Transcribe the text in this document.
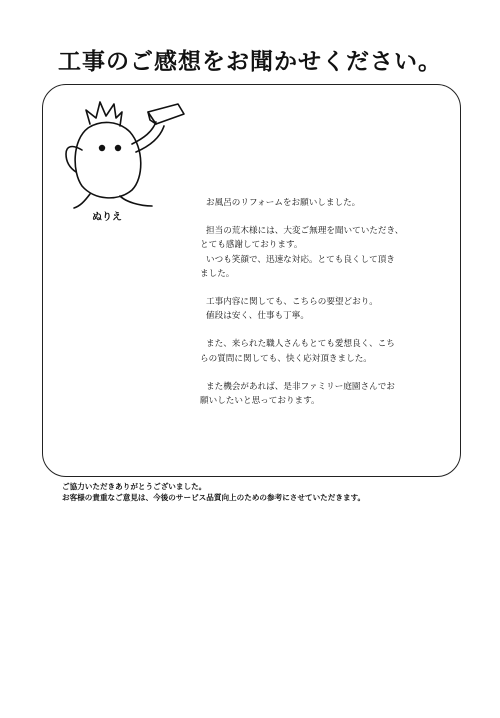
工事のご感想をお聞かせください。
ぬりえ

お風呂のリフォームをお願いしました。

担当の荒木様には、大変ご無理を聞いていただき、
とても感謝しております。
いつも笑顔で、迅速な対応。とても良くして頂き
ました。

工事内容に関しても、こちらの要望どおり。
値段は安く、仕事も丁寧。

また、来られた職人さんもとても愛想良く、こち
らの質問に関しても、快く応対頂きました。

また機会があれば、是非ファミリー庭園さんでお
願いしたいと思っております。

ご協力いただきありがとうございました。
お客様の貴重なご意見は、今後のサービス品質向上のための参考にさせていただきます。
